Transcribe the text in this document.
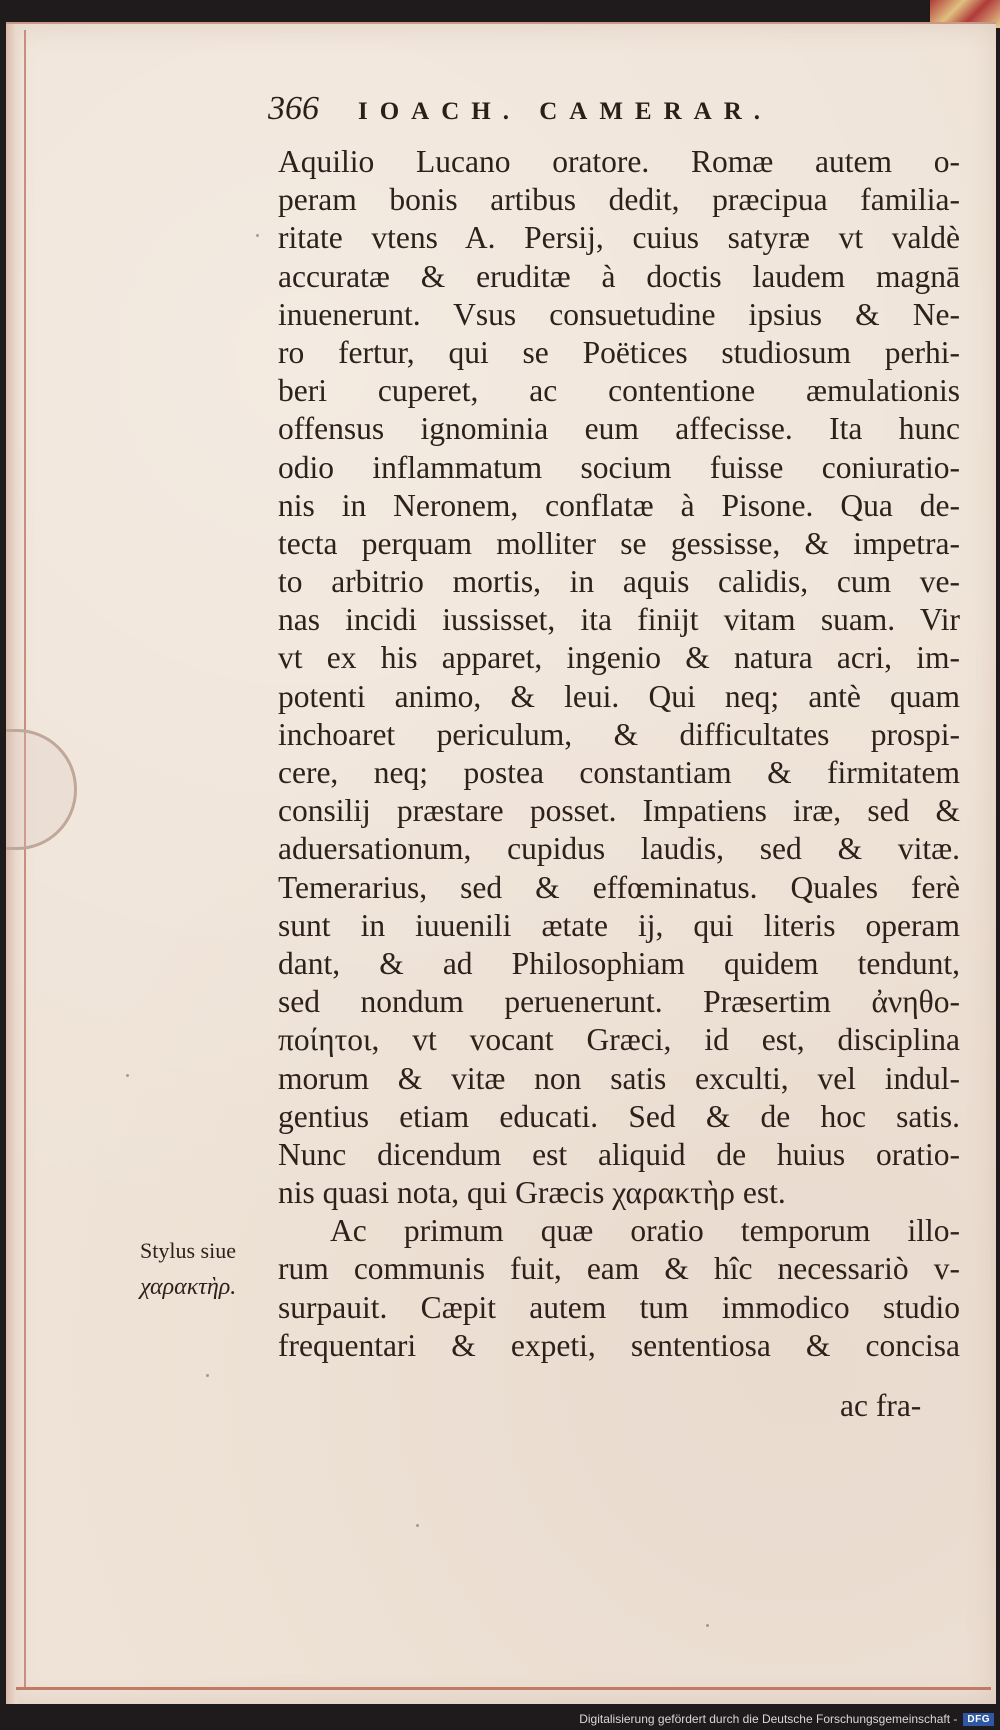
366	IOACH. CAMERAR.
Aquilio Lucano oratore. Romæ autem o-
peram bonis artibus dedit, præcipua familia-
ritate vtens A. Persij, cuius satyræ vt valdè
accuratæ & eruditæ à doctis laudem magnā
inuenerunt. Vsus consuetudine ipsius & Ne-
ro fertur, qui se Poëtices studiosum perhi-
beri cuperet, ac contentione æmulationis
offensus ignominia eum affecisse. Ita hunc
odio inflammatum socium fuisse coniuratio-
nis in Neronem, conflatæ à Pisone. Qua de-
tecta perquam molliter se gessisse, & impetra-
to arbitrio mortis, in aquis calidis, cum ve-
nas incidi iussisset, ita finijt vitam suam. Vir
vt ex his apparet, ingenio & natura acri, im-
potenti animo, & leui. Qui neq; antè quam
inchoaret periculum, & difficultates prospi-
cere, neq; postea constantiam & firmitatem
consilij præstare posset. Impatiens iræ, sed &
aduersationum, cupidus laudis, sed & vitæ.
Temerarius, sed & effœminatus. Quales ferè
sunt in iuuenili ætate ij, qui literis operam
dant, & ad Philosophiam quidem tendunt,
sed nondum peruenerunt. Præsertim ἀνηθο-
ποίητοι, vt vocant Græci, id est, disciplina
morum & vitæ non satis exculti, vel indul-
gentius etiam educati. Sed & de hoc satis.
Nunc dicendum est aliquid de huius oratio-
nis quasi nota, qui Græcis χαρακτὴρ est.
Ac primum quæ oratio temporum illo-
rum communis fuit, eam & hîc necessariò v-
surpauit. Cæpit autem tum immodico studio
frequentari & expeti, sententiosa & concisa
ac fra-
Stylus siue
χαρακτὴρ.
Digitalisierung gefördert durch die Deutsche Forschungsgemeinschaft -	DFG
